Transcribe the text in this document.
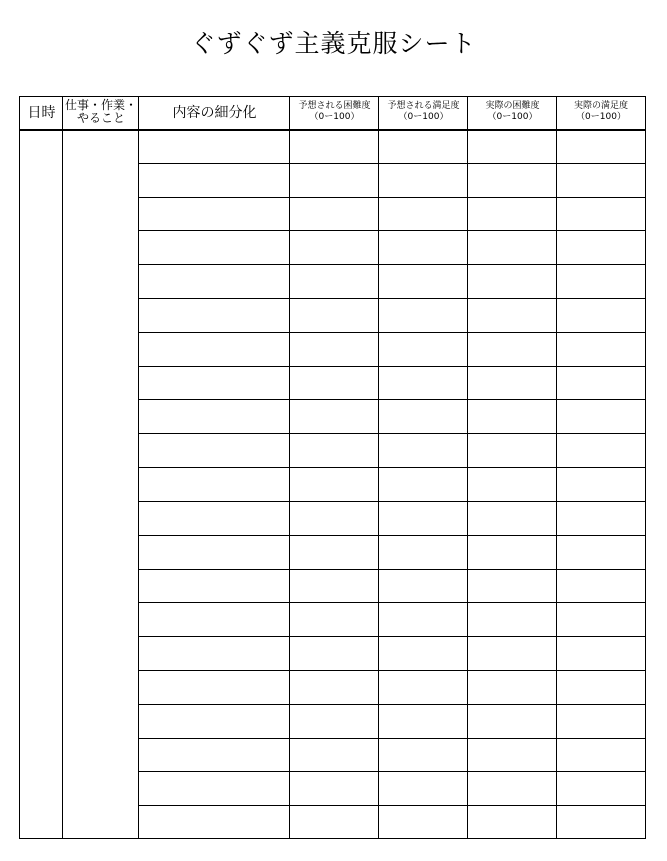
ぐずぐず主義克服シート
日時 仕事・作業・
やること	内容の細分化	予想される困難度
（0ー100）
予想される満足度
（0ー100）
実際の困難度
（0ー100）
実際の満足度
（0ー100）
